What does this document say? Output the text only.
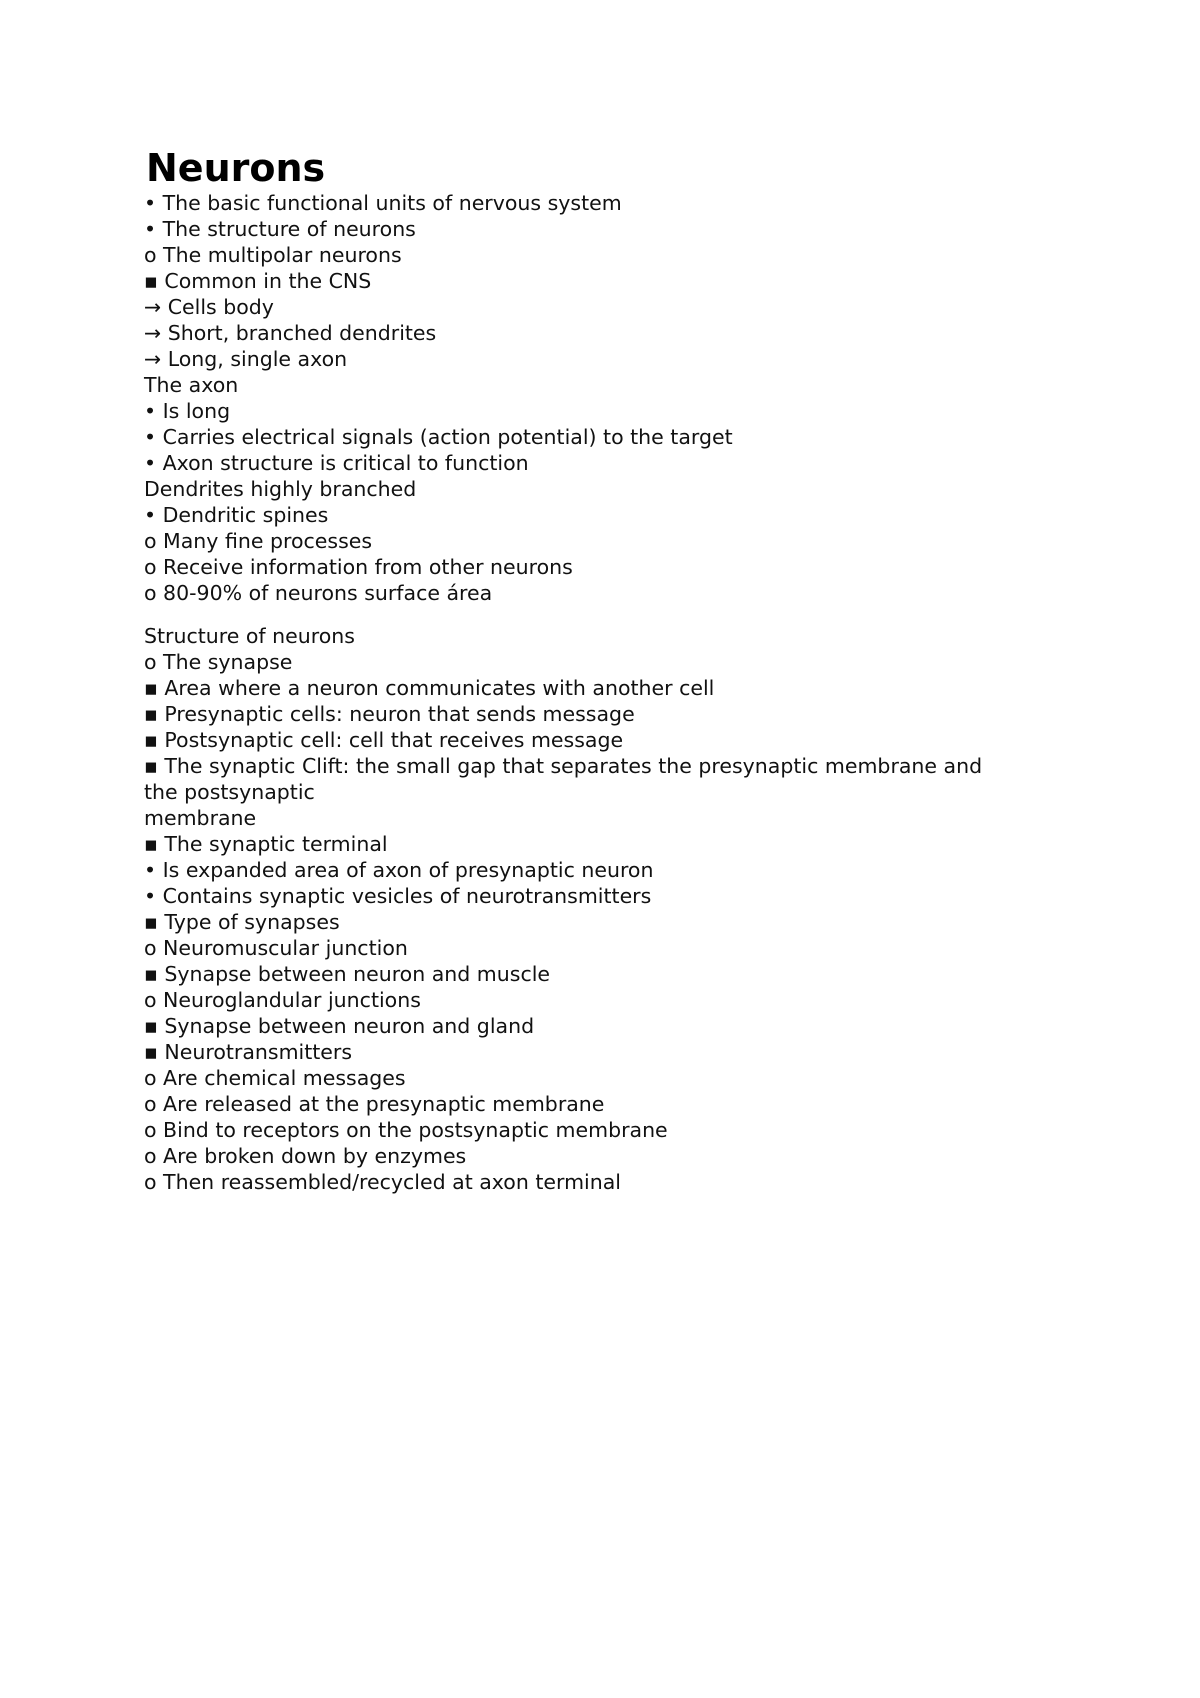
Neurons
• The basic functional units of nervous system
• The structure of neurons
o The multipolar neurons
▪ Common in the CNS
→ Cells body
→ Short, branched dendrites
→ Long, single axon
The axon
• Is long
• Carries electrical signals (action potential) to the target
• Axon structure is critical to function
Dendrites highly branched
• Dendritic spines
o Many fine processes
o Receive information from other neurons
o 80-90% of neurons surface área
Structure of neurons
o The synapse
▪ Area where a neuron communicates with another cell
▪ Presynaptic cells: neuron that sends message
▪ Postsynaptic cell: cell that receives message
▪ The synaptic Clift: the small gap that separates the presynaptic membrane and
the postsynaptic
membrane
▪ The synaptic terminal
• Is expanded area of axon of presynaptic neuron
• Contains synaptic vesicles of neurotransmitters
▪ Type of synapses
o Neuromuscular junction
▪ Synapse between neuron and muscle
o Neuroglandular junctions
▪ Synapse between neuron and gland
▪ Neurotransmitters
o Are chemical messages
o Are released at the presynaptic membrane
o Bind to receptors on the postsynaptic membrane
o Are broken down by enzymes
o Then reassembled/recycled at axon terminal
